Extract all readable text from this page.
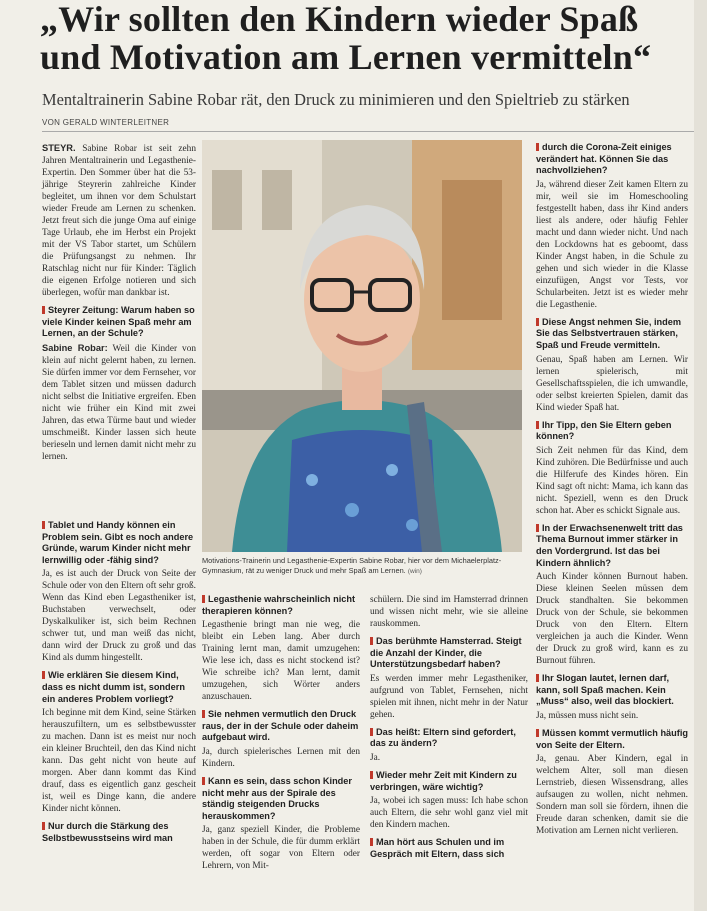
„Wir sollten den Kindern wieder Spaß und Motivation am Lernen vermitteln“

Mentaltrainerin Sabine Robar rät, den Druck zu minimieren und den Spieltrieb zu stärken

VON GERALD WINTERLEITNER

STEYR. Sabine Robar ist seit zehn Jahren Mentaltrainerin und Legasthenie-Expertin. Den Sommer über hat die 53-jährige Steyrerin zahlreiche Kinder begleitet, um ihnen vor dem Schulstart wieder Freude am Lernen zu schenken. Jetzt freut sich die junge Oma auf einige Tage Urlaub, ehe im Herbst ein Projekt mit der VS Tabor startet, um Schülern die Prüfungsangst zu nehmen. Ihr Ratschlag nicht nur für Kinder: Täglich die eigenen Erfolge notieren und sich überlegen, wofür man dankbar ist.

Steyrer Zeitung: Warum haben so viele Kinder keinen Spaß mehr am Lernen, an der Schule?

Sabine Robar: Weil die Kinder von klein auf nicht gelernt haben, zu lernen. Sie dürfen immer vor dem Fernseher, vor dem Tablet sitzen und müssen dadurch nicht selbst die Initiative ergreifen. Eben nicht wie früher ein Kind mit zwei Jahren, das etwa Türme baut und wieder umschmeißt. Kinder lassen sich heute berieseln und lernen damit nicht mehr zu lernen.

Tablet und Handy können ein Problem sein. Gibt es noch andere Gründe, warum Kinder nicht mehr lernwillig oder -fähig sind?

Ja, es ist auch der Druck von Seite der Schule oder von den Eltern oft sehr groß. Wenn das Kind eben Legastheniker ist, Buchstaben verwechselt, oder Dyskalkuliker ist, sich beim Rechnen schwer tut, und man weiß das nicht, dann wird der Druck zu groß und das Kind als dumm hingestellt.

Wie erklären Sie diesem Kind, dass es nicht dumm ist, sondern ein anderes Problem vorliegt?

Ich beginne mit dem Kind, seine Stärken herauszufiltern, um es selbstbewusster zu machen. Dann ist es meist nur noch ein kleiner Bruchteil, den das Kind nicht kann. Das geht nicht von heute auf morgen. Aber dann kommt das Kind drauf, dass es eigentlich ganz gescheit ist, weil es Dinge kann, die andere Kinder nicht können.

Nur durch die Stärkung des Selbstbewusstseins wird man

Motivations-Trainerin und Legasthenie-Expertin Sabine Robar, hier vor dem Michaelerplatz-Gymnasium, rät zu weniger Druck und mehr Spaß am Lernen. (win)

Legasthenie wahrscheinlich nicht therapieren können?

Legasthenie bringt man nie weg, die bleibt ein Leben lang. Aber durch Training lernt man, damit umzugehen: Wie lese ich, dass es nicht stockend ist? Wie schreibe ich? Man lernt, damit umzugehen, sich Wörter anders anzuschauen.

Sie nehmen vermutlich den Druck raus, der in der Schule oder daheim aufgebaut wird.

Ja, durch spielerisches Lernen mit den Kindern.

Kann es sein, dass schon Kinder nicht mehr aus der Spirale des ständig steigenden Drucks herauskommen?

Ja, ganz speziell Kinder, die Probleme haben in der Schule, die für dumm erklärt werden, oft sogar von Eltern oder Lehrern, von Mit-

schülern. Die sind im Hamsterrad drinnen und wissen nicht mehr, wie sie alleine rauskommen.

Das berühmte Hamsterrad. Steigt die Anzahl der Kinder, die Unterstützungsbedarf haben?

Es werden immer mehr Legastheniker, aufgrund von Tablet, Fernsehen, nicht spielen mit ihnen, nicht mehr in der Natur gehen.

Das heißt: Eltern sind gefordert, das zu ändern?

Ja.

Wieder mehr Zeit mit Kindern zu verbringen, wäre wichtig?

Ja, wobei ich sagen muss: Ich habe schon auch Eltern, die sehr wohl ganz viel mit den Kindern machen.

Man hört aus Schulen und im Gespräch mit Eltern, dass sich

durch die Corona-Zeit einiges verändert hat. Können Sie das nachvollziehen?

Ja, während dieser Zeit kamen Eltern zu mir, weil sie im Homeschooling festgestellt haben, dass ihr Kind anders liest als andere, oder häufig Fehler macht und dann wieder nicht. Und nach den Lockdowns hat es geboomt, dass Kinder Angst haben, in die Schule zu gehen und sich wieder in die Klasse einzufügen, Angst vor Tests, vor Schularbeiten. Jetzt ist es wieder mehr die Legasthenie.

Diese Angst nehmen Sie, indem Sie das Selbstvertrauen stärken, Spaß und Freude vermitteln.

Genau, Spaß haben am Lernen. Wir lernen spielerisch, mit Gesellschaftsspielen, die ich umwandle, oder selbst kreierten Spielen, damit das Kind wieder Spaß hat.

Ihr Tipp, den Sie Eltern geben können?

Sich Zeit nehmen für das Kind, dem Kind zuhören. Die Bedürfnisse und auch die Hilferufe des Kindes hören. Ein Kind sagt oft nicht: Mama, ich kann das nicht. Speziell, wenn es den Druck schon hat. Aber es schickt Signale aus.

In der Erwachsenenwelt tritt das Thema Burnout immer stärker in den Vordergrund. Ist das bei Kindern ähnlich?

Auch Kinder können Burnout haben. Diese kleinen Seelen müssen dem Druck standhalten. Sie bekommen Druck von der Schule, sie bekommen Druck von den Eltern. Eltern vergleichen ja auch die Kinder. Wenn der Druck zu groß wird, kann es zu Burnout führen.

Ihr Slogan lautet, lernen darf, kann, soll Spaß machen. Kein „Muss“ also, weil das blockiert.

Ja, müssen muss nicht sein.

Müssen kommt vermutlich häufig von Seite der Eltern.

Ja, genau. Aber Kindern, egal in welchem Alter, soll man diesen Lernstrieb, diesen Wissensdrang, alles aufsaugen zu wollen, nicht nehmen. Sondern man soll sie fördern, ihnen die Freude daran schenken, damit sie die Motivation am Lernen nicht verlieren.
